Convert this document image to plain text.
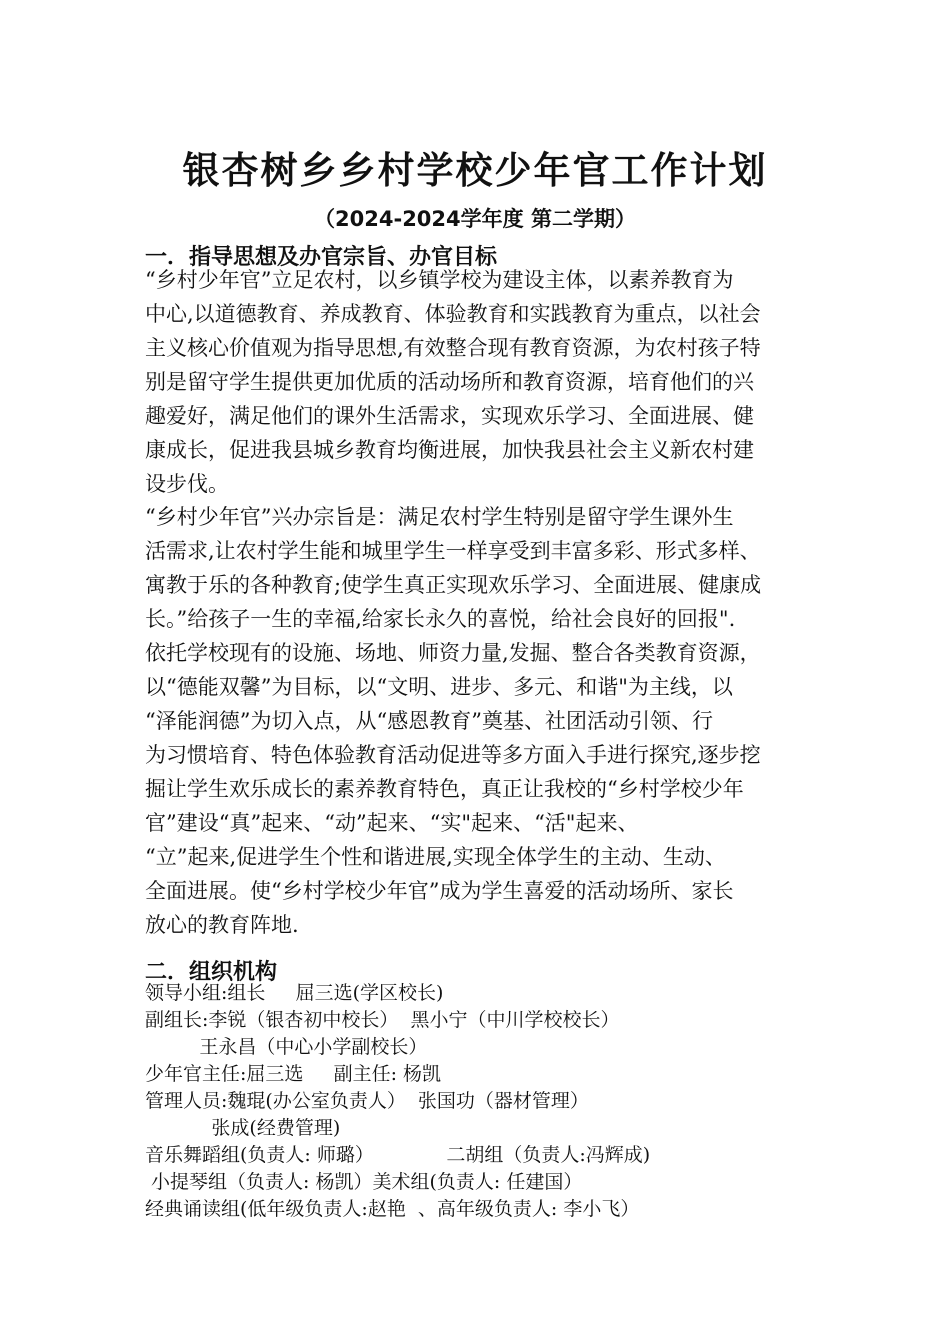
银杏树乡乡村学校少年官工作计划
（2024-2024学年度 第二学期）
一．指导思想及办官宗旨、办官目标
“乡村少年官”立足农村，以乡镇学校为建设主体，以素养教育为
中心,以道德教育、养成教育、体验教育和实践教育为重点，以社会
主义核心价值观为指导思想,有效整合现有教育资源，为农村孩子特
别是留守学生提供更加优质的活动场所和教育资源，培育他们的兴
趣爱好，满足他们的课外生活需求，实现欢乐学习、全面进展、健
康成长，促进我县城乡教育均衡进展，加快我县社会主义新农村建
设步伐。
“乡村少年官”兴办宗旨是：满足农村学生特别是留守学生课外生
活需求,让农村学生能和城里学生一样享受到丰富多彩、形式多样、
寓教于乐的各种教育;使学生真正实现欢乐学习、全面进展、健康成
长。”给孩子一生的幸福,给家长永久的喜悦，给社会良好的回报".
依托学校现有的设施、场地、师资力量,发掘、整合各类教育资源，
以“德能双馨”为目标，以“文明、进步、多元、和谐"为主线，以
“泽能润德”为切入点，从“感恩教育”奠基、社团活动引领、行
为习惯培育、特色体验教育活动促进等多方面入手进行探究,逐步挖
掘让学生欢乐成长的素养教育特色，真正让我校的“乡村学校少年
官”建设“真”起来、“动”起来、“实"起来、“活"起来、
“立”起来,促进学生个性和谐进展,实现全体学生的主动、生动、
全面进展。使“乡村学校少年官”成为学生喜爱的活动场所、家长
放心的教育阵地.
二．组织机构
领导小组:组长     屈三选(学区校长)
副组长:李锐（银杏初中校长）  黑小宁（中川学校校长）
王永昌（中心小学副校长）
少年官主任:屈三选     副主任: 杨凯
管理人员:魏琨(办公室负责人）  张国功（器材管理）
张成(经费管理)
音乐舞蹈组(负责人: 师璐）            二胡组（负责人:冯辉成)
小提琴组（负责人: 杨凯）美术组(负责人: 任建国）
经典诵读组(低年级负责人:赵艳  、高年级负责人: 李小飞）
